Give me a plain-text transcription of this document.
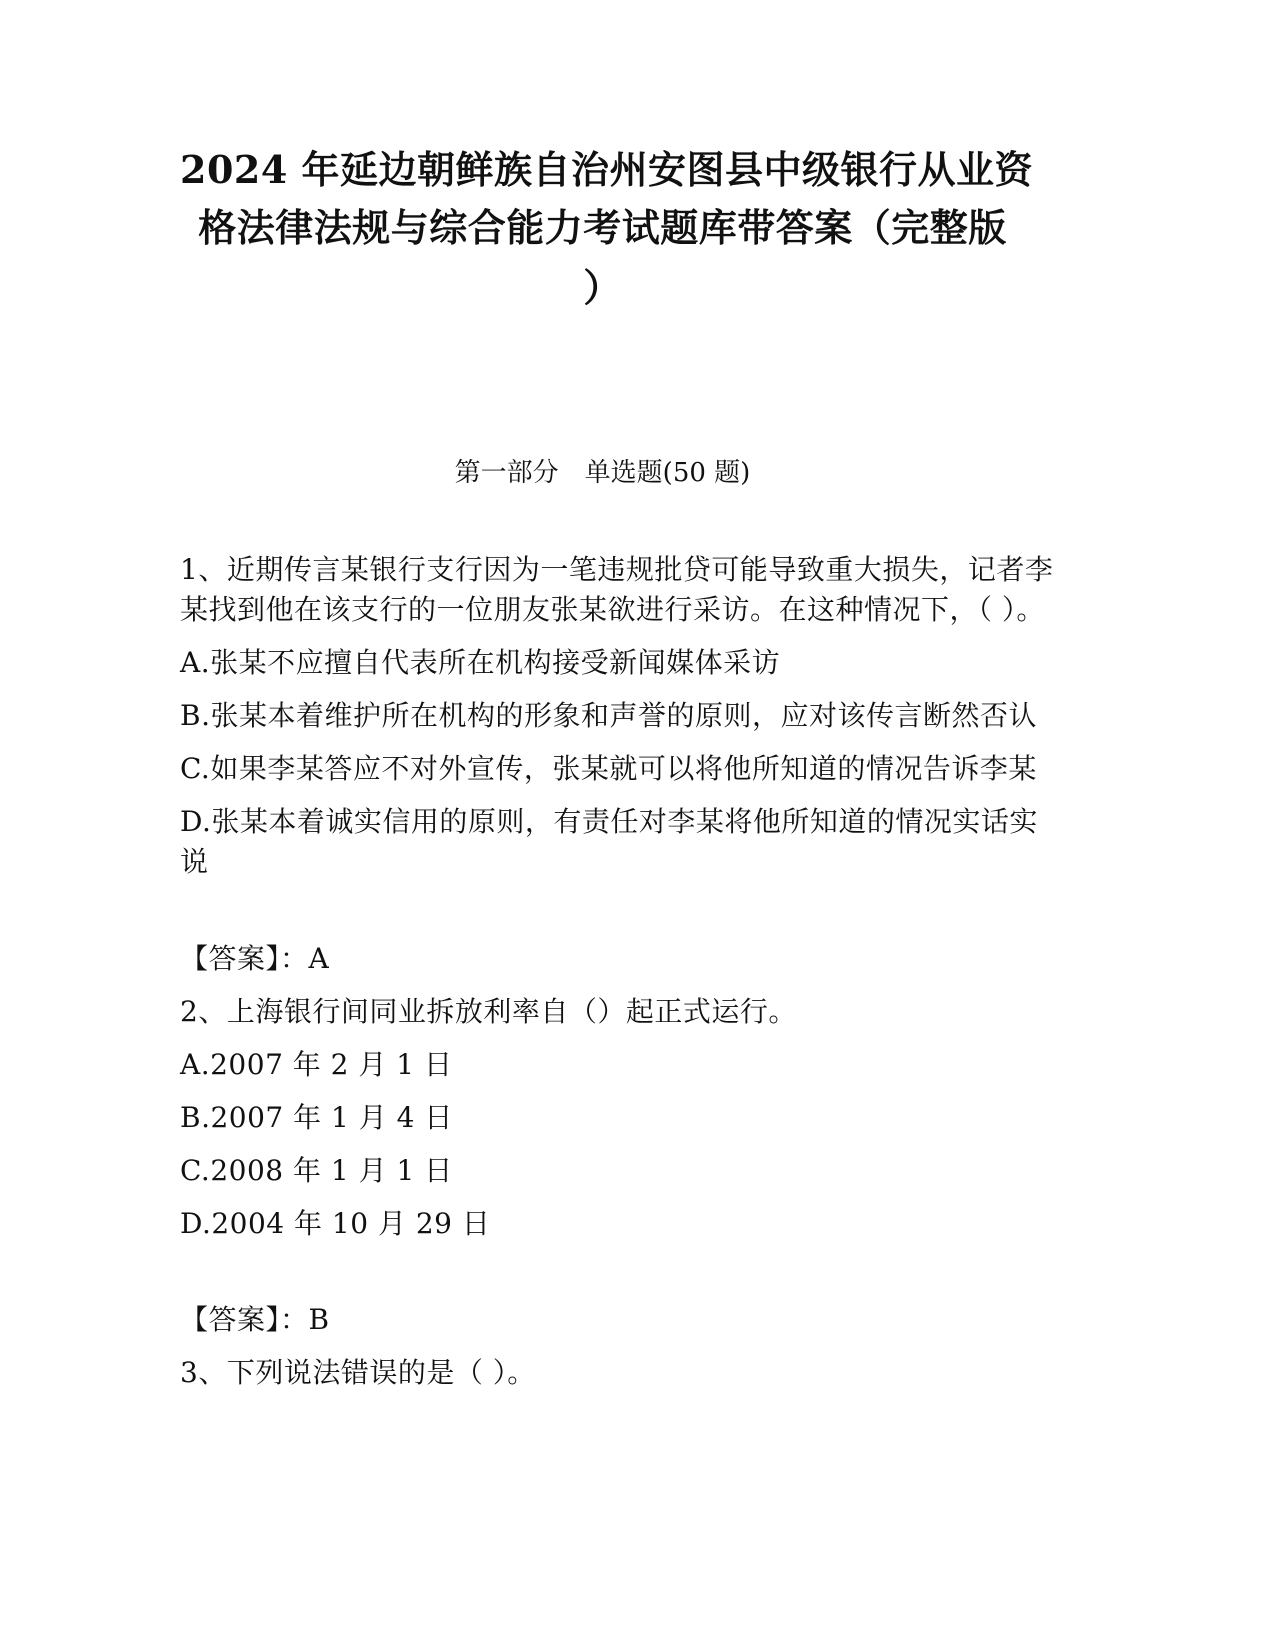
2024 年延边朝鲜族自治州安图县中级银行从业资
格法律法规与综合能力考试题库带答案（完整版
）
第一部分　单选题(50 题)
1、近期传言某银行支行因为一笔违规批贷可能导致重大损失，记者李
某找到他在该支行的一位朋友张某欲进行采访。在这种情况下，（ ）。
A.张某不应擅自代表所在机构接受新闻媒体采访
B.张某本着维护所在机构的形象和声誉的原则，应对该传言断然否认
C.如果李某答应不对外宣传，张某就可以将他所知道的情况告诉李某
D.张某本着诚实信用的原则，有责任对李某将他所知道的情况实话实
说
【答案】：A
2、上海银行间同业拆放利率自（）起正式运行。
A.2007 年 2 月 1 日
B.2007 年 1 月 4 日
C.2008 年 1 月 1 日
D.2004 年 10 月 29 日
【答案】：B
3、下列说法错误的是（ ）。
